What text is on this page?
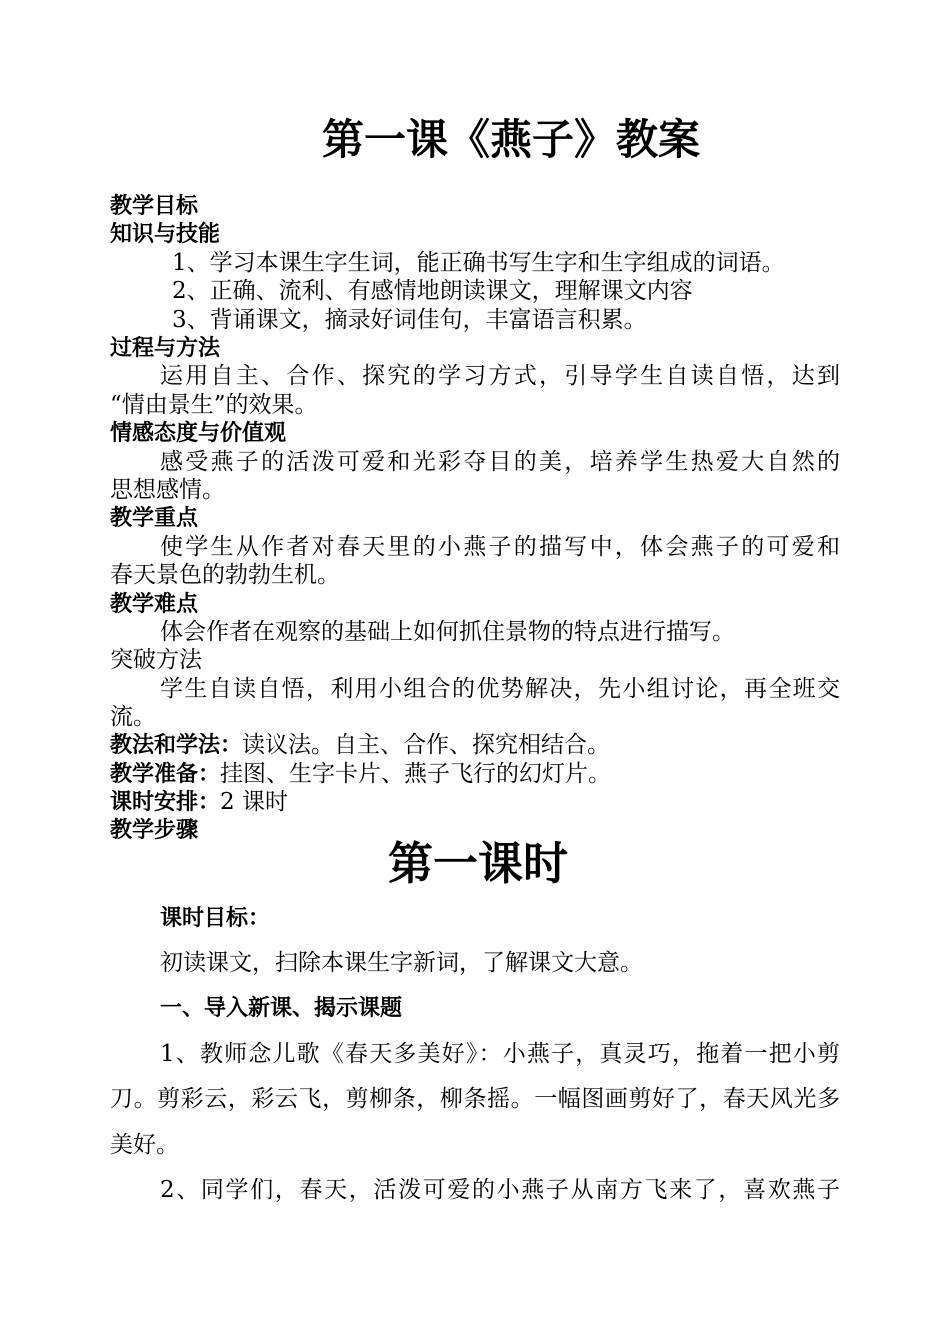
第一课《燕子》教案
教学目标
知识与技能
1、学习本课生字生词，能正确书写生字和生字组成的词语。
2、正确、流利、有感情地朗读课文，理解课文内容
3、背诵课文，摘录好词佳句，丰富语言积累。
过程与方法
运用自主、合作、探究的学习方式，引导学生自读自悟，达到
“情由景生”的效果。
情感态度与价值观
感受燕子的活泼可爱和光彩夺目的美，培养学生热爱大自然的
思想感情。
教学重点
使学生从作者对春天里的小燕子的描写中，体会燕子的可爱和
春天景色的勃勃生机。
教学难点
体会作者在观察的基础上如何抓住景物的特点进行描写。
突破方法
学生自读自悟，利用小组合的优势解决，先小组讨论，再全班交
流。
教法和学法：读议法。自主、合作、探究相结合。
教学准备：挂图、生字卡片、燕子飞行的幻灯片。
课时安排：2 课时
教学步骤
第一课时
课时目标：
初读课文，扫除本课生字新词，了解课文大意。
一、导入新课、揭示课题
1、教师念儿歌《春天多美好》：小燕子，真灵巧，拖着一把小剪
刀。剪彩云，彩云飞，剪柳条，柳条摇。一幅图画剪好了，春天风光多
美好。
2、同学们，春天，活泼可爱的小燕子从南方飞来了，喜欢燕子
